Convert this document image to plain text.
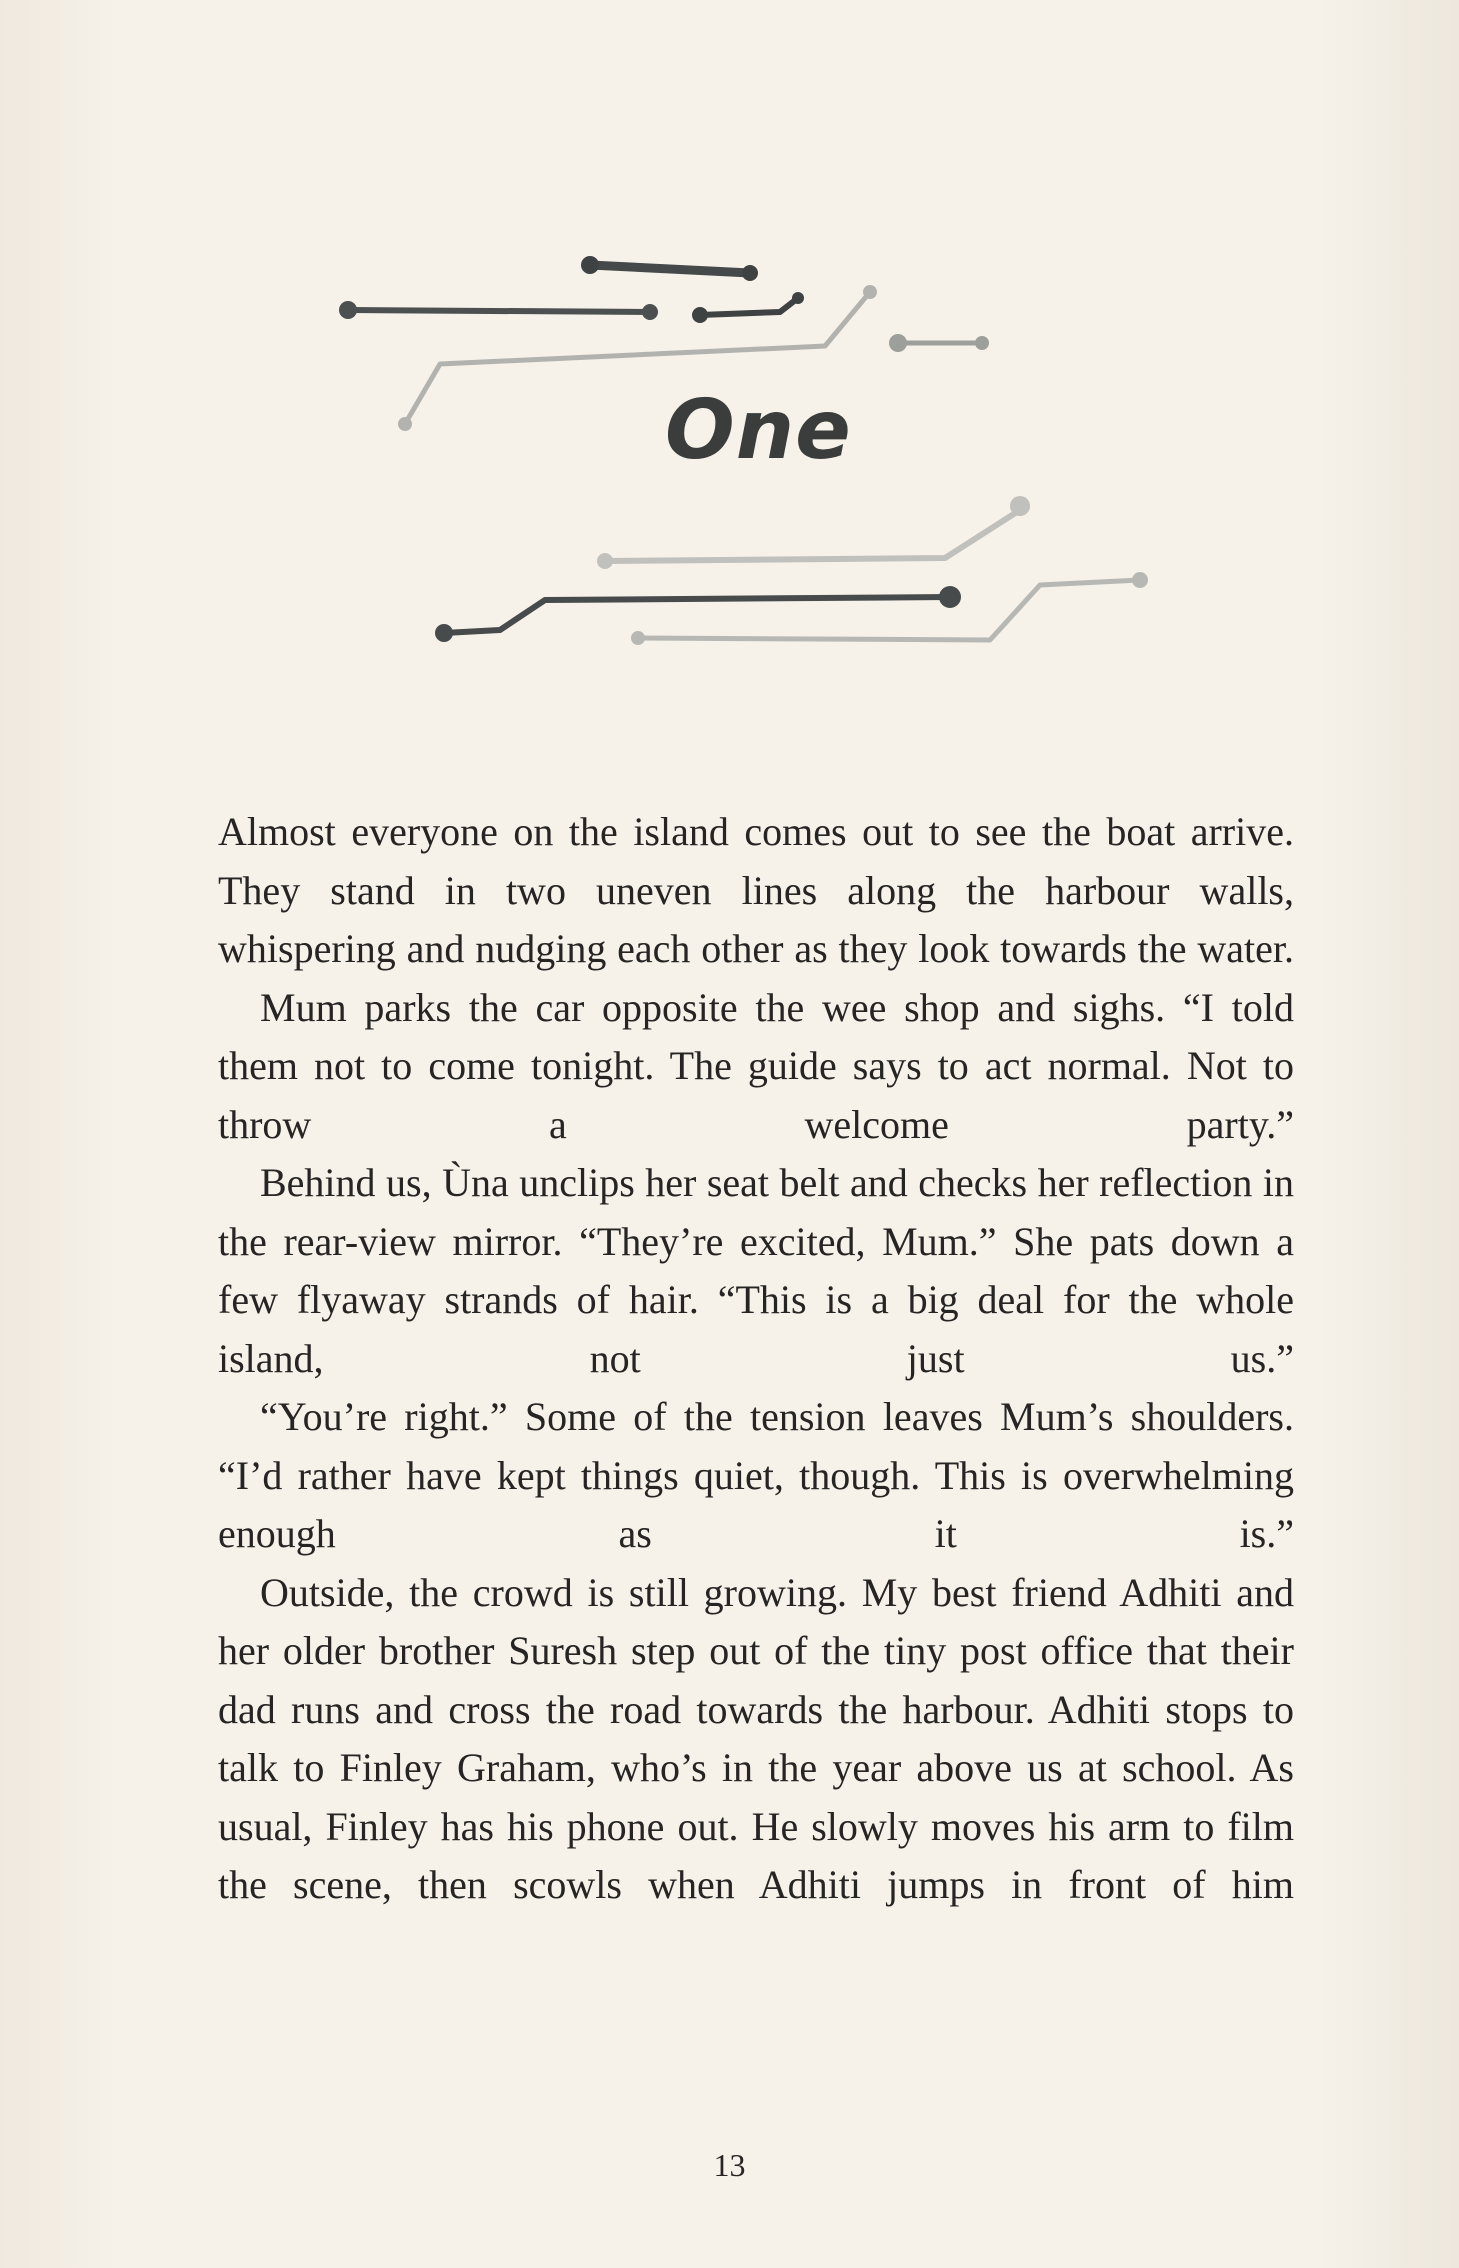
One

Almost everyone on the island comes out to see the boat arrive. They stand in two uneven lines along the harbour walls, whispering and nudging each other as they look towards the water.

Mum parks the car opposite the wee shop and sighs. “I told them not to come tonight. The guide says to act normal. Not to throw a welcome party.”

Behind us, Ùna unclips her seat belt and checks her reflection in the rear-view mirror. “They’re excited, Mum.” She pats down a few flyaway strands of hair. “This is a big deal for the whole island, not just us.”

“You’re right.” Some of the tension leaves Mum’s shoulders. “I’d rather have kept things quiet, though. This is overwhelming enough as it is.”

Outside, the crowd is still growing. My best friend Adhiti and her older brother Suresh step out of the tiny post office that their dad runs and cross the road towards the harbour. Adhiti stops to talk to Finley Graham, who’s in the year above us at school. As usual, Finley has his phone out. He slowly moves his arm to film the scene, then scowls when Adhiti jumps in front of him

13
